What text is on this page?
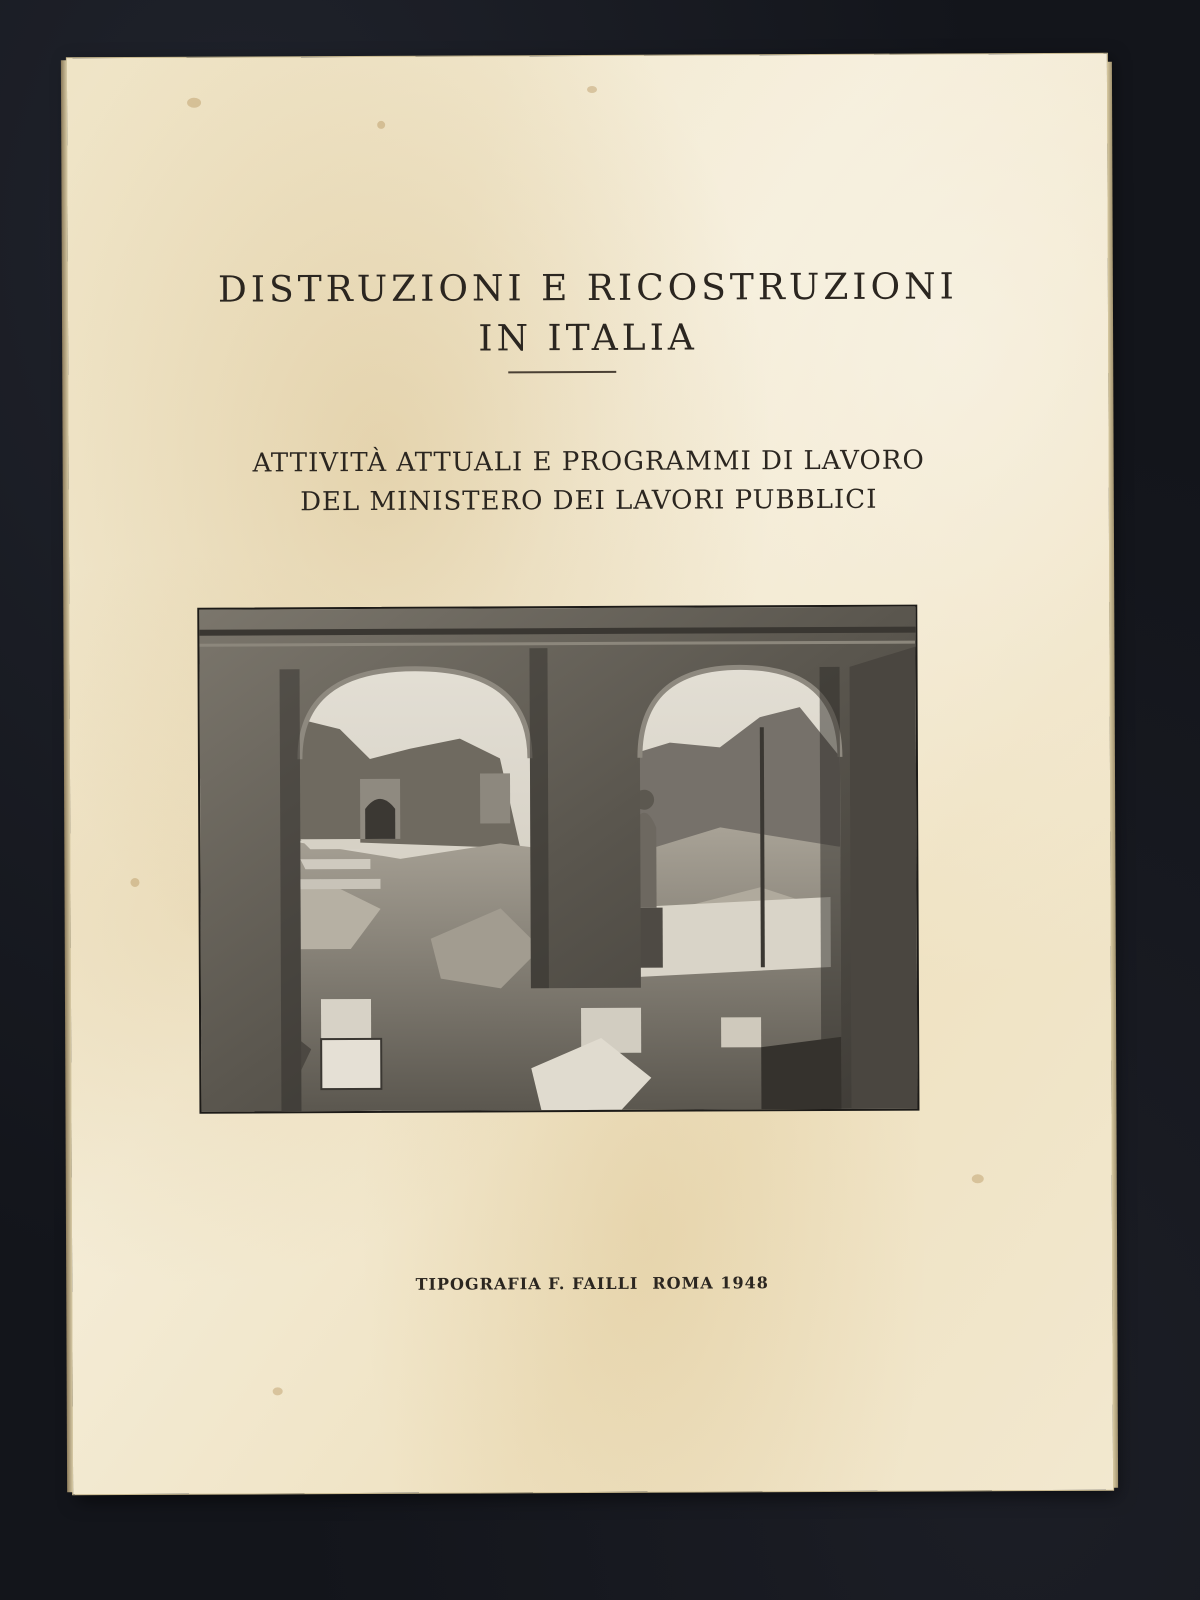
DISTRUZIONI E RICOSTRUZIONI
IN ITALIA
ATTIVITÀ ATTUALI E PROGRAMMI DI LAVORO
DEL MINISTERO DEI LAVORI PUBBLICI

TIPOGRAFIA F. FAILLI ROMA 1948
